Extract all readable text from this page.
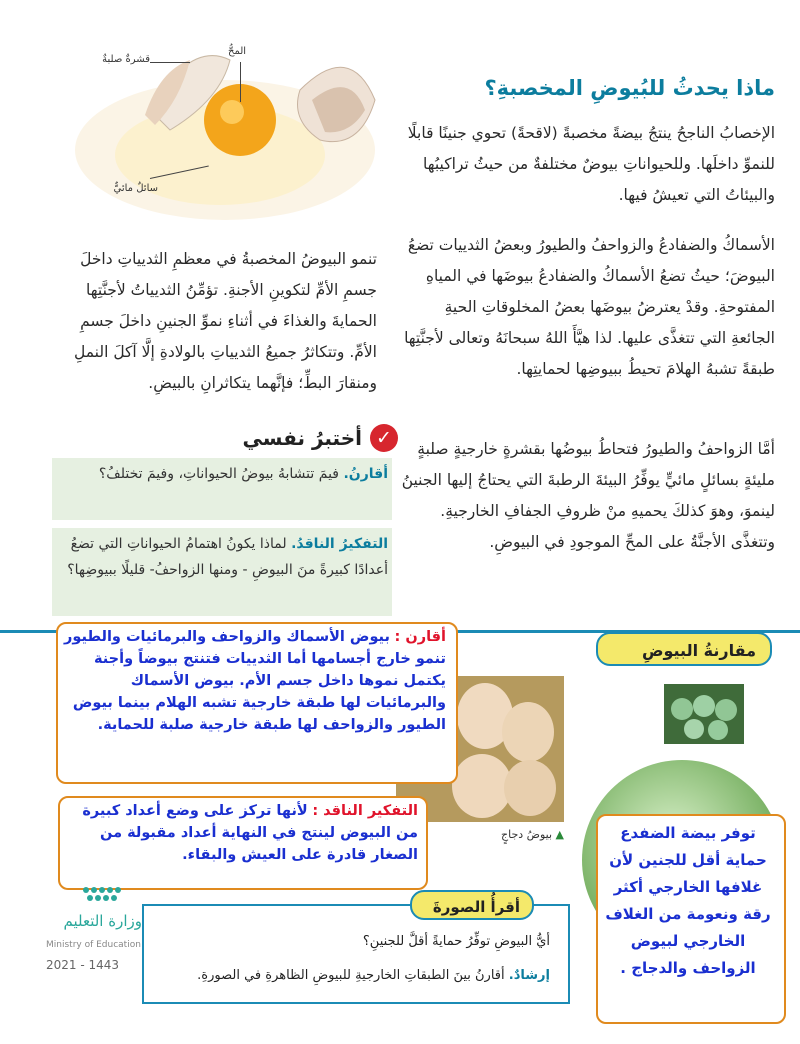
قشرةٌ صلبةٌ
المحُّ
سائلٌ مائيٌّ
ماذا يحدثُ للبُيوضِ المخصبةِ؟
الإخصابُ الناجحُ ينتجُ بيضةً مخصبةً (لاقحةً) تحوي جنينًا قابلًا للنموِّ داخلَها. وللحيواناتِ بيوضٌ مختلفةٌ من حيثُ تراكيبُها والبيئاتُ التي تعيشُ فيها.
الأسماكُ والضفادعُ والزواحفُ والطيورُ وبعضُ الثدييات تضعُ البيوضَ؛ حيثُ تضعُ الأسماكُ والضفادعُ بيوضَها في المياهِ المفتوحةِ. وقدْ يعترضُ بيوضَها بعضُ المخلوقاتِ الحيةِ الجائعةِ التي تتغذَّى عليها. لذا هيَّأَ اللهُ سبحانَهُ وتعالى لأجنَّتِها طبقةً تشبهُ الهلامَ تحيطُ ببيوضِها لحمايتِها.
أمَّا الزواحفُ والطيورُ فتحاطُ بيوضُها بقشرةٍ خارجيةٍ صلبةٍ مليئةٍ بسائلٍ مائيٍّ يوفِّرُ البيئةَ الرطبةَ التي يحتاجُ إليها الجنينُ لينموَ، وهوَ كذلكَ يحميهِ منْ ظروفِ الجفافِ الخارجيةِ. وتتغذَّى الأجنَّةُ على المحِّ الموجودِ في البيوضِ.
تنمو البيوضُ المخصبةُ في معظمِ الثديياتِ داخلَ جسمِ الأمِّ لتكوينِ الأجنةِ. تؤمِّنُ الثديياتُ لأجنَّتِها الحمايةَ والغذاءَ في أثناءِ نموِّ الجنينِ داخلَ جسمِ الأمِّ. وتتكاثرُ جميعُ الثديياتِ بالولادةِ إلَّا آكلَ النملِ ومنقارَ البطِّ؛ فإنَّهما يتكاثرانِ بالبيضِ.
✓
أختبرُ نفسي
أقارنُ. فيمَ تتشابهُ بيوضُ الحيواناتِ، وفيمَ تختلفُ؟
التفكيرُ الناقدُ. لماذا يكونُ اهتمامُ الحيواناتِ التي تضعُ أعدادًا كبيرةً منَ البيوضِ - ومنها الزواحفُ- قليلًا ببيوضِها؟
مقارنةُ البيوضِ
▲ بيوضُ دجاجٍ
أقارن : بيوض الأسماك والزواحف والبرمائيات والطيور تنمو خارج أجسامها أما الثدييات فتنتج بيوضاً وأجنة يكتمل نموها داخل جسم الأم. بيوض الأسماك والبرمائيات لها طبقة خارجية تشبه الهلام بينما بيوض الطيور والزواحف لها طبقة خارجية صلبة للحماية.
التفكير الناقد : لأنها تركز على وضع أعداد كبيرة من البيوض لينتج في النهاية أعداد مقبولة من الصغار قادرة على العيش والبقاء.
أقرأُ الصورةَ
أيُّ البيوضِ توفِّرُ حمايةً أقلَّ للجنينِ؟
إرشادٌ. أقارنُ بينَ الطبقاتِ الخارجيةِ للبيوضِ الظاهرةِ في الصورةِ.
توفر بيضة الضفدع حماية أقل للجنين لأن غلافها الخارجي أكثر رقة ونعومة من الغلاف الخارجي لبيوض الزواحف والدجاج .
وزارة التعليم
Ministry of Education
2021 - 1443
